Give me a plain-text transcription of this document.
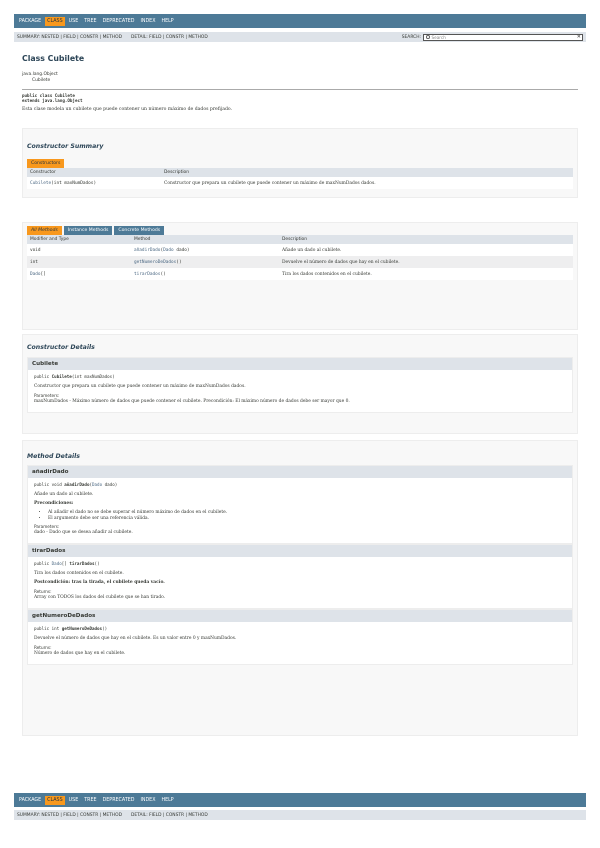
PACKAGE	CLASS	USE	TREE	DEPRECATED	INDEX	HELP
SUMMARY: NESTED | FIELD | CONSTR | METHOD DETAIL: FIELD | CONSTR | METHOD	SEARCH:	Search	✕
Class Cubilete
java.lang.Object
Cubilete
public class Cubilete
extends java.lang.Object
Esta clase modela un cubilete que puede contener un número máximo de dados prefijado.
Constructor Summary
Constructors
Constructor	Description
Cubilete(int maxNumDados)	Constructor que prepara un cubilete que puede contener un máximo de maxNumDados dados.
All Methods	Instance Methods	Concrete Methods
Modifier and Type	Method	Description
void	añadirDado(Dado dado)	Añade un dado al cubilete.
int	getNumeroDeDados()	Devuelve el número de dados que hay en el cubilete.
Dado[]	tirarDados()	Tira los dados contenidos en el cubilete.
Constructor Details
Cubilete
public Cubilete(int maxNumDados)

Constructor que prepara un cubilete que puede contener un máximo de maxNumDados dados.

Parameters:

maxNumDados - Máximo número de dados que puede contener el cubilete. Precondición: El máximo número de dados debe ser mayor que 0.

Method Details
añadirDado
public void añadirDado(Dado dado)

Añade un dado al cubilete.

Precondiciones:

• Al añadir el dado no se debe superar el número máximo de dados en el cubilete.
• El argumento debe ser una referencia válida.
Parameters:

dado - Dado que se desea añadir al cubilete.

tirarDados
public Dado[] tirarDados()

Tira los dados contenidos en el cubilete.

Postcondición: tras la tirada, el cubilete queda vacío.

Returns:

Array con TODOS los dados del cubilete que se han tirado.

getNumeroDeDados
public int getNumeroDeDados()

Devuelve el número de dados que hay en el cubilete. Es un valor entre 0 y maxNumDados.

Returns:

Número de dados que hay en el cubilete.

PACKAGE	CLASS	USE	TREE	DEPRECATED	INDEX	HELP
SUMMARY: NESTED | FIELD | CONSTR | METHOD DETAIL: FIELD | CONSTR | METHOD
